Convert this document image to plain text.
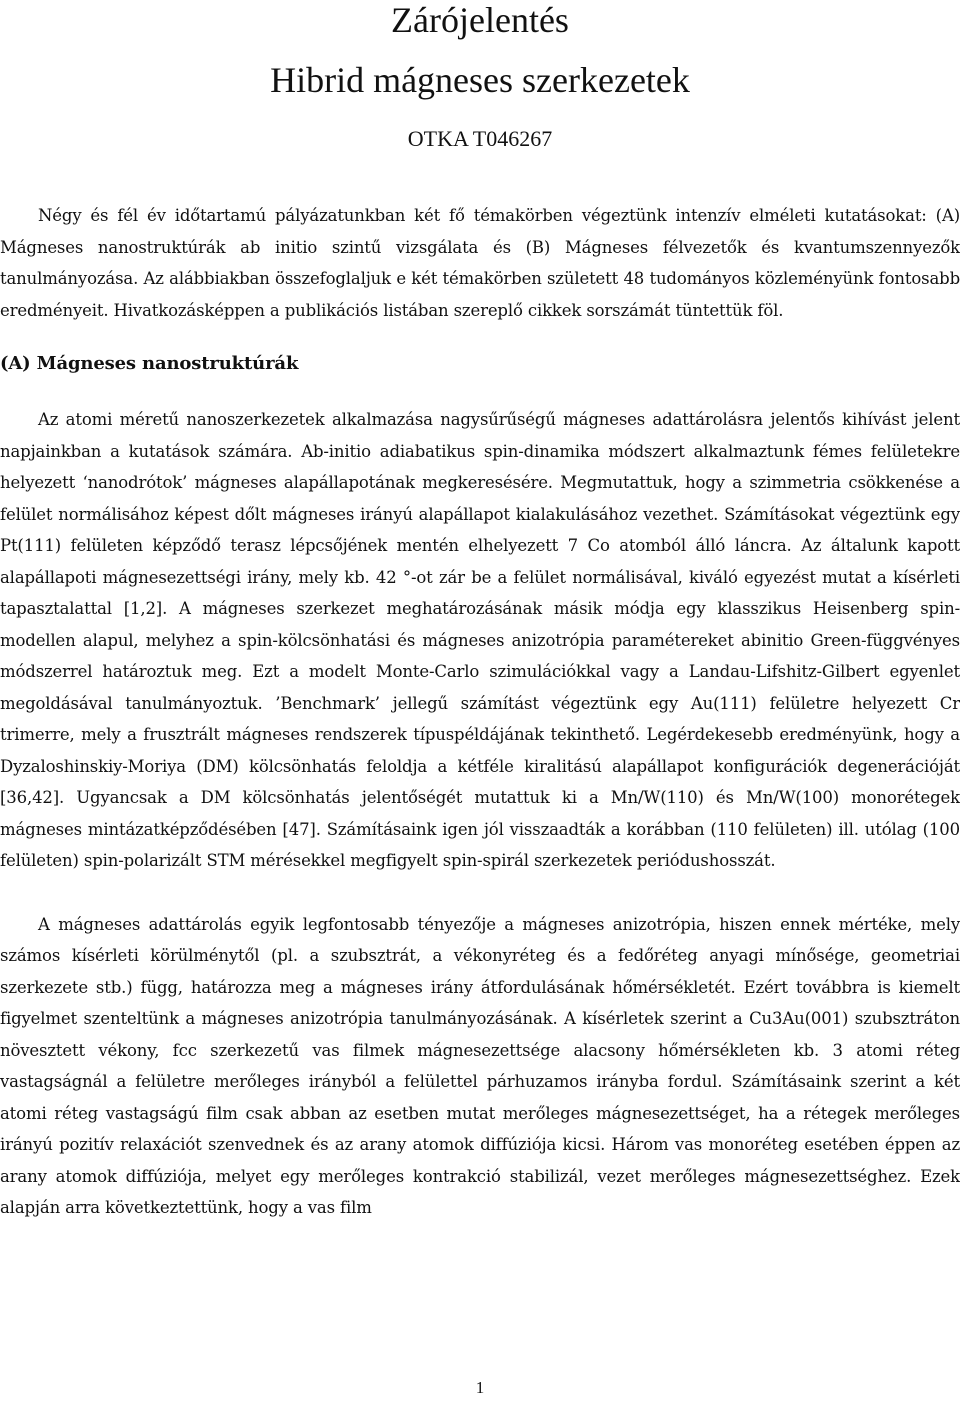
Zárójelentés
Hibrid mágneses szerkezetek
OTKA T046267

Négy és fél év időtartamú pályázatunkban két fő témakörben végeztünk intenzív elméleti kutatásokat: (A) Mágneses nanostruktúrák ab initio szintű vizsgálata és (B) Mágneses félvezetők és kvantumszennyezők tanulmányozása. Az alábbiakban összefoglaljuk e két témakörben született 48 tudományos közleményünk fontosabb eredményeit. Hivatkozásképpen a publikációs listában szereplő cikkek sorszámát tüntettük föl.

(A) Mágneses nanostruktúrák

Az atomi méretű nanoszerkezetek alkalmazása nagysűrűségű mágneses adattárolásra jelentős kihívást jelent napjainkban a kutatások számára. Ab-initio adiabatikus spin-dinamika módszert alkalmaztunk fémes felületekre helyezett ‘nanodrótok’ mágneses alapállapotának megkeresésére. Megmutattuk, hogy a szimmetria csökkenése a felület normálisához képest dőlt mágneses irányú alapállapot kialakulásához vezethet. Számításokat végeztünk egy Pt(111) felületen képződő terasz lépcsőjének mentén elhelyezett 7 Co atomból álló láncra. Az általunk kapott alapállapoti mágnesezettségi irány, mely kb. 42 °-ot zár be a felület normálisával, kiváló egyezést mutat a kísérleti tapasztalattal [1,2]. A mágneses szerkezet meghatározásának másik módja egy klasszikus Heisenberg spin-modellen alapul, melyhez a spin-kölcsönhatási és mágneses anizotrópia paramétereket abinitio Green-függvényes módszerrel határoztuk meg. Ezt a modelt Monte-Carlo szimulációkkal vagy a Landau-Lifshitz-Gilbert egyenlet megoldásával tanulmányoztuk. ’Benchmark’ jellegű számítást végeztünk egy Au(111) felületre helyezett Cr trimerre, mely a frusztrált mágneses rendszerek típuspéldájának tekinthető. Legérdekesebb eredményünk, hogy a Dyzaloshinskiy-Moriya (DM) kölcsönhatás feloldja a kétféle kiralitású alapállapot konfigurációk degenerációját [36,42]. Ugyancsak a DM kölcsönhatás jelentőségét mutattuk ki a Mn/W(110) és Mn/W(100) monorétegek mágneses mintázatképződésében [47]. Számításaink igen jól visszaadták a korábban (110 felületen) ill. utólag (100 felületen) spin-polarizált STM mérésekkel megfigyelt spin-spirál szerkezetek periódushosszát.

A mágneses adattárolás egyik legfontosabb tényezője a mágneses anizotrópia, hiszen ennek mértéke, mely számos kísérleti körülménytől (pl. a szubsztrát, a vékonyréteg és a fedőréteg anyagi mínősége, geometriai szerkezete stb.) függ, határozza meg a mágneses irány átfordulásának hőmérsékletét. Ezért továbbra is kiemelt figyelmet szenteltünk a mágneses anizotrópia tanulmányozásának. A kísérletek szerint a Cu3Au(001) szubsztráton növesztett vékony, fcc szerkezetű vas filmek mágnesezettsége alacsony hőmérsékleten kb. 3 atomi réteg vastagságnál a felületre merőleges irányból a felülettel párhuzamos irányba fordul. Számításaink szerint a két atomi réteg vastagságú film csak abban az esetben mutat merőleges mágnesezettséget, ha a rétegek merőleges irányú pozitív relaxációt szenvednek és az arany atomok diffúziója kicsi. Három vas monoréteg esetében éppen az arany atomok diffúziója, melyet egy merőleges kontrakció stabilizál, vezet merőleges mágnesezettséghez. Ezek alapján arra következtettünk, hogy a vas film

1
